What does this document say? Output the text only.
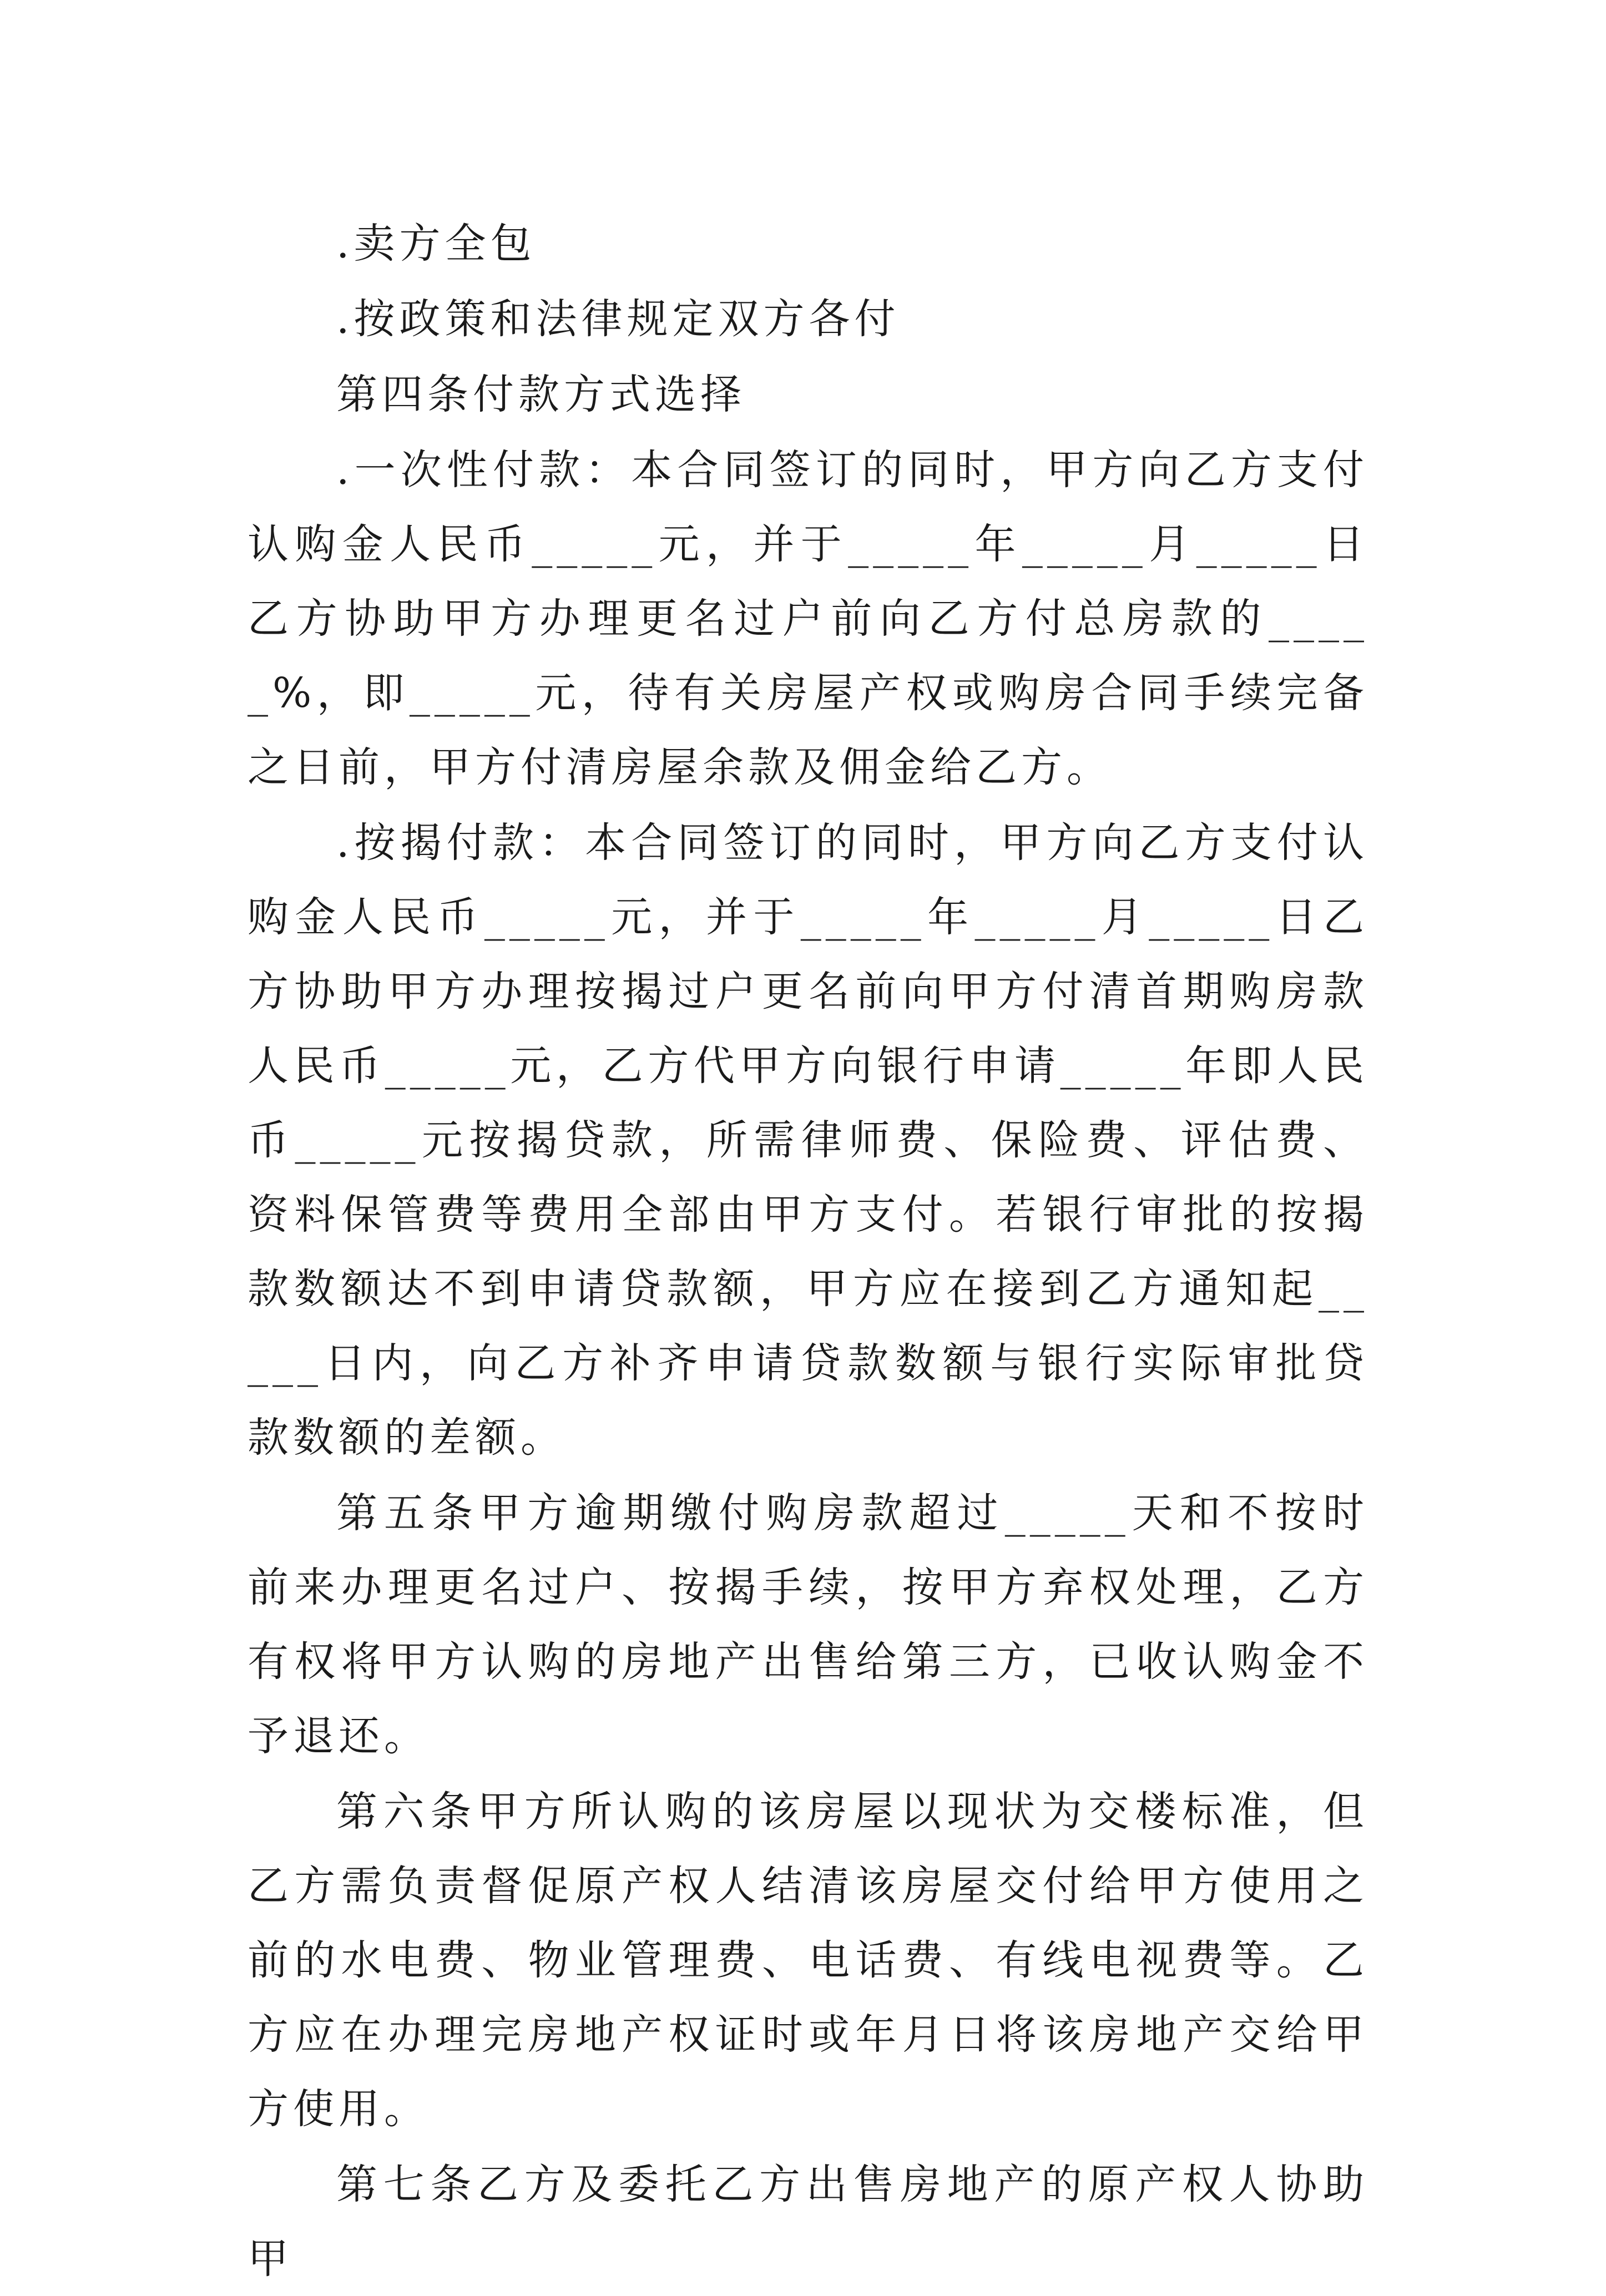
.卖方全包

.按政策和法律规定双方各付

第四条付款方式选择

.一次性付款：本合同签订的同时，甲方向乙方支付认购金人民币_____元，并于_____年_____月_____日乙方协助甲方办理更名过户前向乙方付总房款的_____%，即_____元，待有关房屋产权或购房合同手续完备之日前，甲方付清房屋余款及佣金给乙方。

.按揭付款：本合同签订的同时，甲方向乙方支付认购金人民币_____元，并于_____年_____月_____日乙方协助甲方办理按揭过户更名前向甲方付清首期购房款人民币_____元，乙方代甲方向银行申请_____年即人民币_____元按揭贷款，所需律师费、保险费、评估费、资料保管费等费用全部由甲方支付。若银行审批的按揭款数额达不到申请贷款额，甲方应在接到乙方通知起_____日内，向乙方补齐申请贷款数额与银行实际审批贷款数额的差额。

第五条甲方逾期缴付购房款超过_____天和不按时前来办理更名过户、按揭手续，按甲方弃权处理，乙方有权将甲方认购的房地产出售给第三方，已收认购金不予退还。

第六条甲方所认购的该房屋以现状为交楼标准，但乙方需负责督促原产权人结清该房屋交付给甲方使用之前的水电费、物业管理费、电话费、有线电视费等。乙方应在办理完房地产权证时或年月日将该房地产交给甲方使用。

第七条乙方及委托乙方出售房地产的原产权人协助甲
